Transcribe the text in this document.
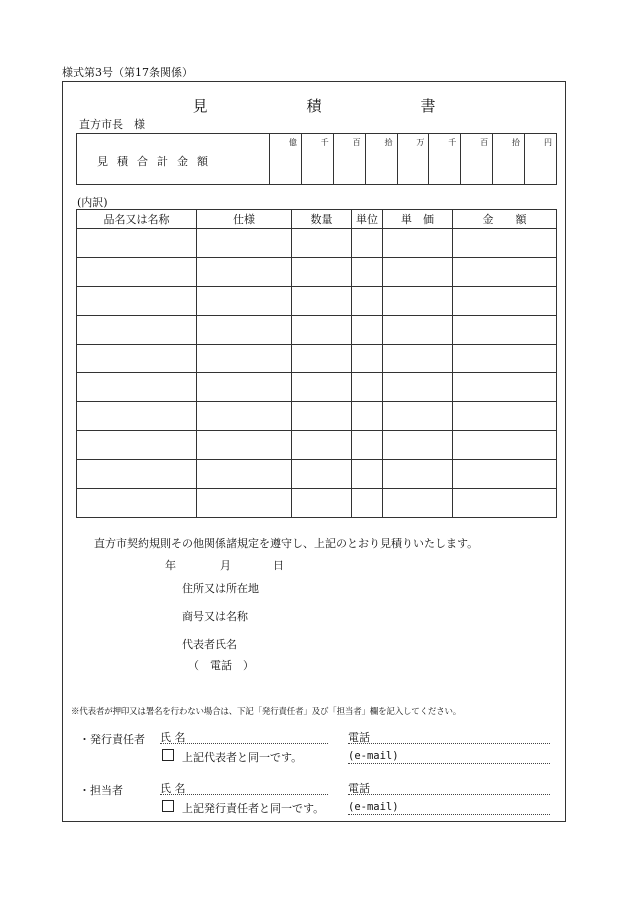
様式第3号（第17条関係）
見　積　書
直方市長　様
見積合計金額	億	千	百	拾	万	千	百	拾	円
(内訳)
品名又は名称	仕様	数量	単位	単　価	金　　額

直方市契約規則その他関係諸規定を遵守し、上記のとおり見積りいたします。
年	月	日
住所又は所在地
商号又は名称
代表者氏名
（　電話　）
※代表者が押印又は署名を行わない場合は、下記「発行責任者」及び「担当者」欄を記入してください。
・発行責任者 氏 名	電話
上記代表者と同一です。	(e-mail)
・担当者	氏 名	電話
上記発行責任者と同一です。 (e-mail)
